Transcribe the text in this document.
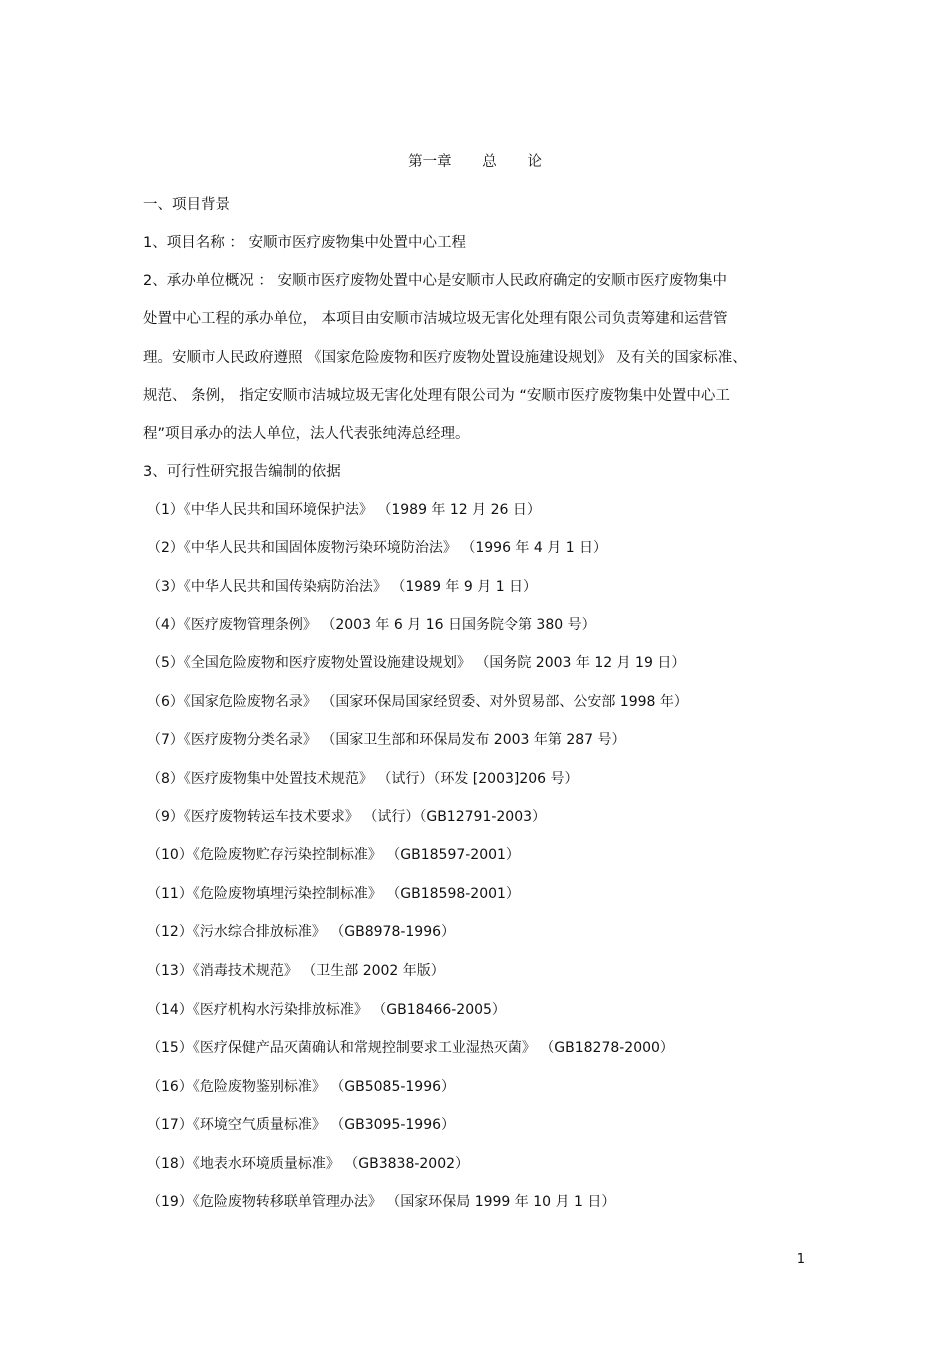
第一章 总 论
一、项目背景
1、项目名称 ： 安顺市医疗废物集中处置中心工程
2、承办单位概况 ： 安顺市医疗废物处置中心是安顺市人民政府确定的安顺市医疗废物集中
处置中心工程的承办单位， 本项目由安顺市洁城垃圾无害化处理有限公司负责筹建和运营管
理。安顺市人民政府遵照 《国家危险废物和医疗废物处置设施建设规划》 及有关的国家标准、
规范、 条例， 指定安顺市洁城垃圾无害化处理有限公司为 “安顺市医疗废物集中处置中心工
程”项目承办的法人单位，法人代表张纯涛总经理。
3、可行性研究报告编制的依据
（1）《中华人民共和国环境保护法》 （1989 年 12 月 26 日）
（2）《中华人民共和国固体废物污染环境防治法》 （1996 年 4 月 1 日）
（3）《中华人民共和国传染病防治法》 （1989 年 9 月 1 日）
（4）《医疗废物管理条例》 （2003 年 6 月 16 日国务院令第 380 号）
（5）《全国危险废物和医疗废物处置设施建设规划》 （国务院 2003 年 12 月 19 日）
（6）《国家危险废物名录》 （国家环保局国家经贸委、对外贸易部、公安部 1998 年）
（7）《医疗废物分类名录》 （国家卫生部和环保局发布 2003 年第 287 号）
（8）《医疗废物集中处置技术规范》 （试行）（环发 [2003]206 号）
（9）《医疗废物转运车技术要求》 （试行）（GB12791-2003）
（10）《危险废物贮存污染控制标准》 （GB18597-2001）
（11）《危险废物填埋污染控制标准》 （GB18598-2001）
（12）《污水综合排放标准》 （GB8978-1996）
（13）《消毒技术规范》 （卫生部 2002 年版）
（14）《医疗机构水污染排放标准》 （GB18466-2005）
（15）《医疗保健产品灭菌确认和常规控制要求工业湿热灭菌》 （GB18278-2000）
（16）《危险废物鉴别标准》 （GB5085-1996）
（17）《环境空气质量标准》 （GB3095-1996）
（18）《地表水环境质量标准》 （GB3838-2002）
（19）《危险废物转移联单管理办法》 （国家环保局 1999 年 10 月 1 日）
1
